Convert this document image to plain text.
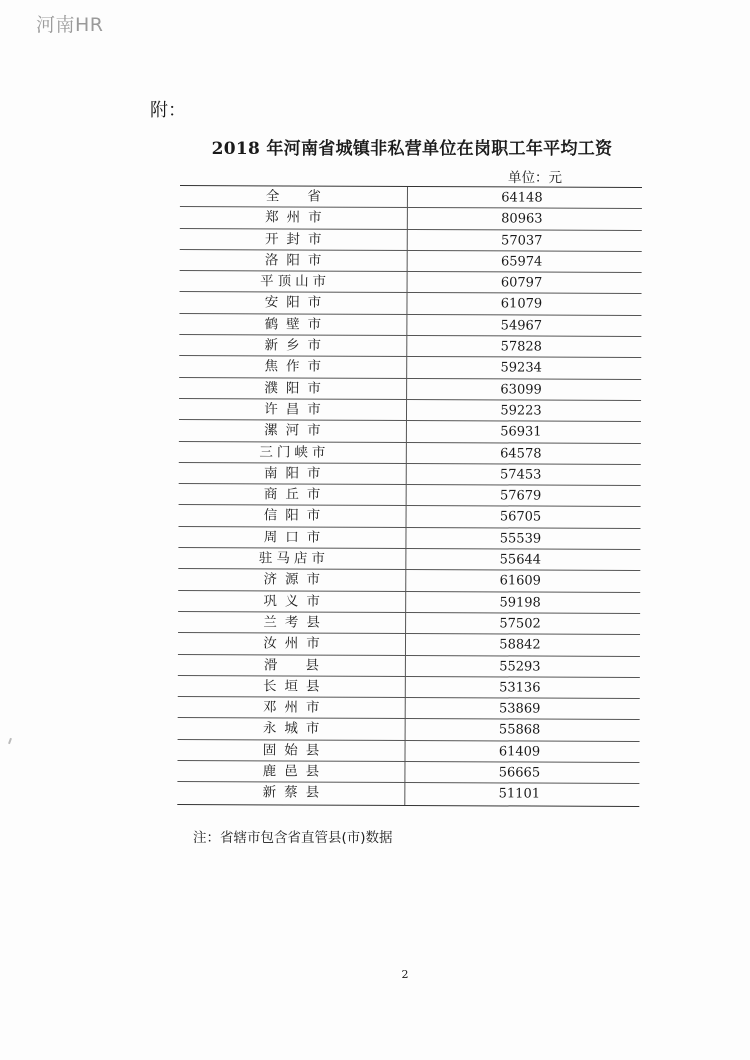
河南HR
附：
2018 年河南省城镇非私营单位在岗职工年平均工资
单位：元
全省	64148
郑州市	80963
开封市	57037
洛阳市	65974
平顶山市	60797
安阳市	61079
鹤壁市	54967
新乡市	57828
焦作市	59234
濮阳市	63099
许昌市	59223
漯河市	56931
三门峡市	64578
南阳市	57453
商丘市	57679
信阳市	56705
周口市	55539
驻马店市	55644
济源市	61609
巩义市	59198
兰考县	57502
汝州市	58842
滑县	55293
长垣县	53136
邓州市	53869
永城市	55868
固始县	61409
鹿邑县	56665
新蔡县	51101
注：省辖市包含省直管县(市)数据
2
